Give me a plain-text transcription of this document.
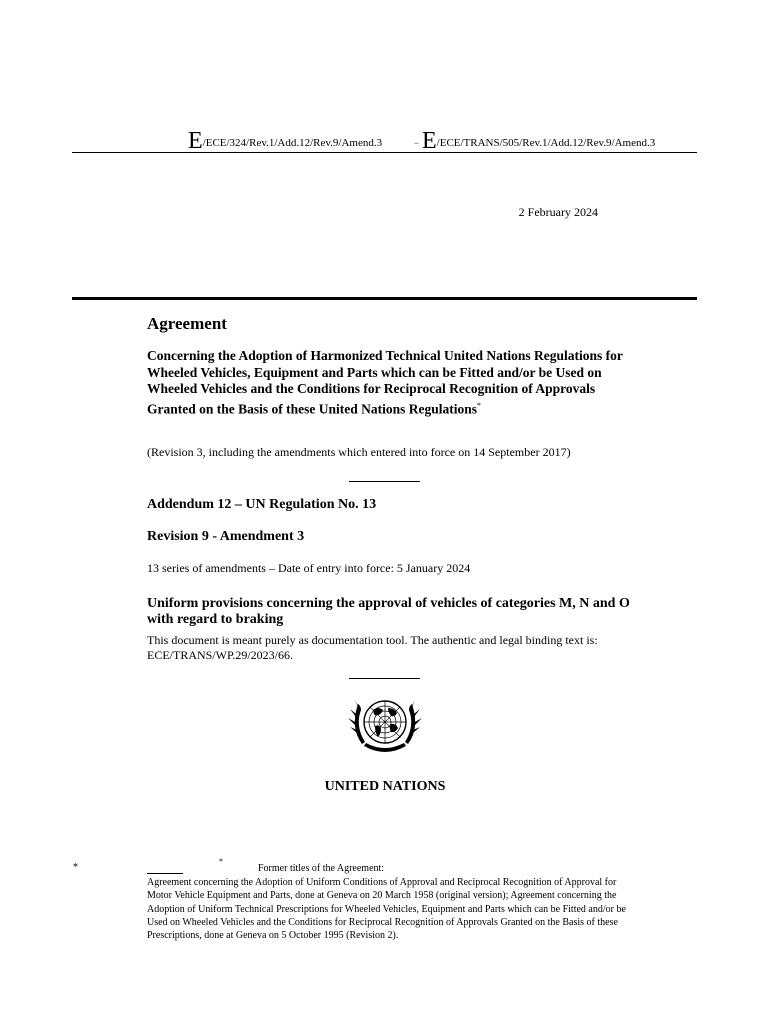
E/ECE/324/Rev.1/Add.12/Rev.9/Amend.3	− E/ECE/TRANS/505/Rev.1/Add.12/Rev.9/Amend.3
2 February 2024
Agreement
Concerning the Adoption of Harmonized Technical United Nations Regulations for Wheeled Vehicles, Equipment and Parts which can be Fitted and/or be Used on Wheeled Vehicles and the Conditions for Reciprocal Recognition of Approvals Granted on the Basis of these United Nations Regulations*
(Revision 3, including the amendments which entered into force on 14 September 2017)
Addendum 12 – UN Regulation No. 13
Revision 9 - Amendment 3
13 series of amendments – Date of entry into force: 5 January 2024
Uniform provisions concerning the approval of vehicles of categories M, N and O with regard to braking
This document is meant purely as documentation tool. The authentic and legal binding text is: ECE/TRANS/WP.29/2023/66.
UNITED NATIONS
*
*
Former titles of the Agreement:
Agreement concerning the Adoption of Uniform Conditions of Approval and Reciprocal Recognition of Approval for Motor Vehicle Equipment and Parts, done at Geneva on 20 March 1958 (original version); Agreement concerning the Adoption of Uniform Technical Prescriptions for Wheeled Vehicles, Equipment and Parts which can be Fitted and/or be Used on Wheeled Vehicles and the Conditions for Reciprocal Recognition of Approvals Granted on the Basis of these Prescriptions, done at Geneva on 5 October 1995 (Revision 2).
